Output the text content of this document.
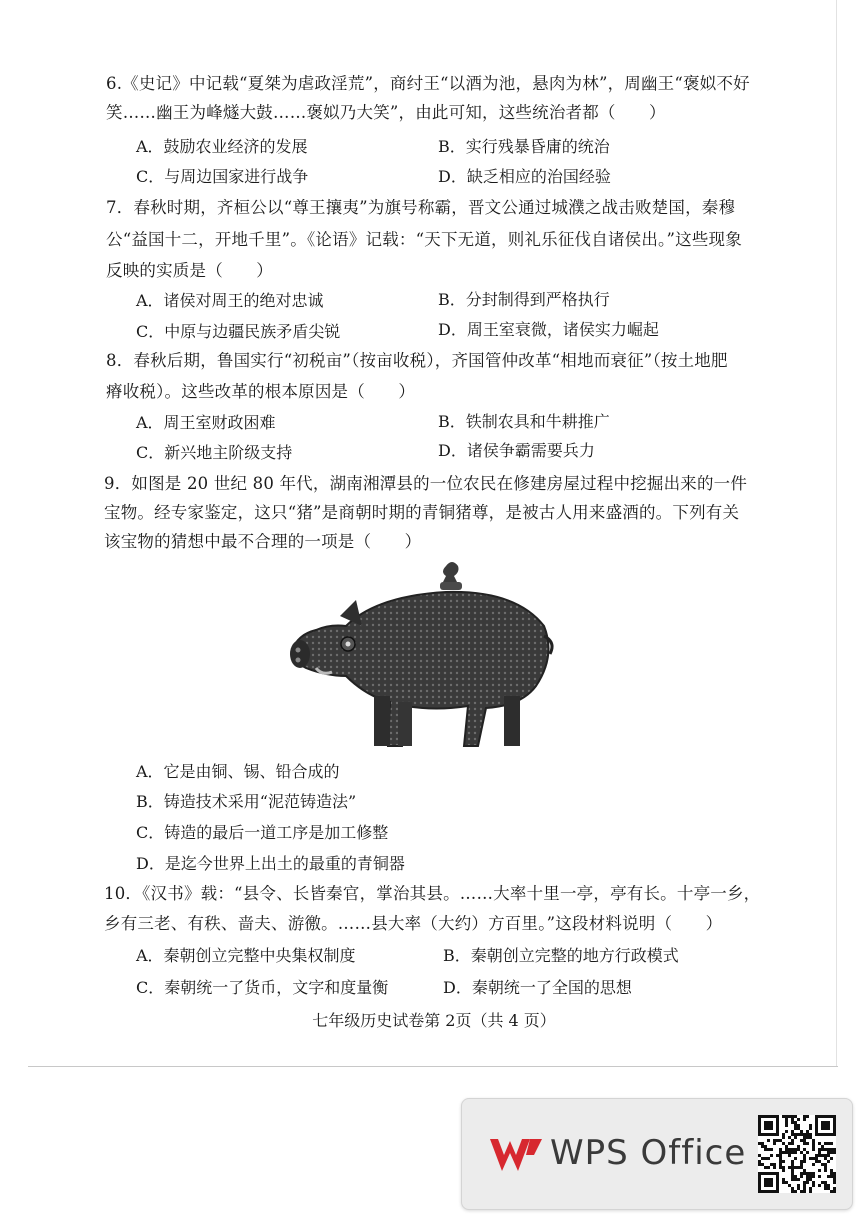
6.《史记》中记载“夏桀为虐政淫荒”，商纣王“以酒为池，悬肉为林”，周幽王“褒姒不好
笑……幽王为峰燧大鼓……褒姒乃大笑”，由此可知，这些统治者都（　　）
A．鼓励农业经济的发展	B．实行残暴昏庸的统治
C．与周边国家进行战争	D．缺乏相应的治国经验
7．春秋时期，齐桓公以“尊王攘夷”为旗号称霸，晋文公通过城濮之战击败楚国，秦穆
公“益国十二，开地千里”。《论语》记载：“天下无道，则礼乐征伐自诸侯出。”这些现象
反映的实质是（　　）
A．诸侯对周王的绝对忠诚	B．分封制得到严格执行
C．中原与边疆民族矛盾尖锐	D．周王室衰微，诸侯实力崛起
8．春秋后期，鲁国实行“初税亩”（按亩收税），齐国管仲改革“相地而衰征”（按土地肥
瘠收税）。这些改革的根本原因是（　　）
A．周王室财政困难	B．铁制农具和牛耕推广
C．新兴地主阶级支持	D．诸侯争霸需要兵力
9．如图是 20 世纪 80 年代，湖南湘潭县的一位农民在修建房屋过程中挖掘出来的一件
宝物。经专家鉴定，这只“猪”是商朝时期的青铜猪尊，是被古人用来盛酒的。下列有关
该宝物的猜想中最不合理的一项是（　　）
A．它是由铜、锡、铅合成的
B．铸造技术采用“泥范铸造法”
C．铸造的最后一道工序是加工修整
D．是迄今世界上出土的最重的青铜器
10．《汉书》载：“县令、长皆秦官，掌治其县。……大率十里一亭，亭有长。十亭一乡，
乡有三老、有秩、啬夫、游徼。……县大率（大约）方百里。”这段材料说明（　　）
A．秦朝创立完整中央集权制度	B．秦朝创立完整的地方行政模式
C．秦朝统一了货币，文字和度量衡	D．秦朝统一了全国的思想
七年级历史试卷第 2页（共 4 页）
WPS Office
